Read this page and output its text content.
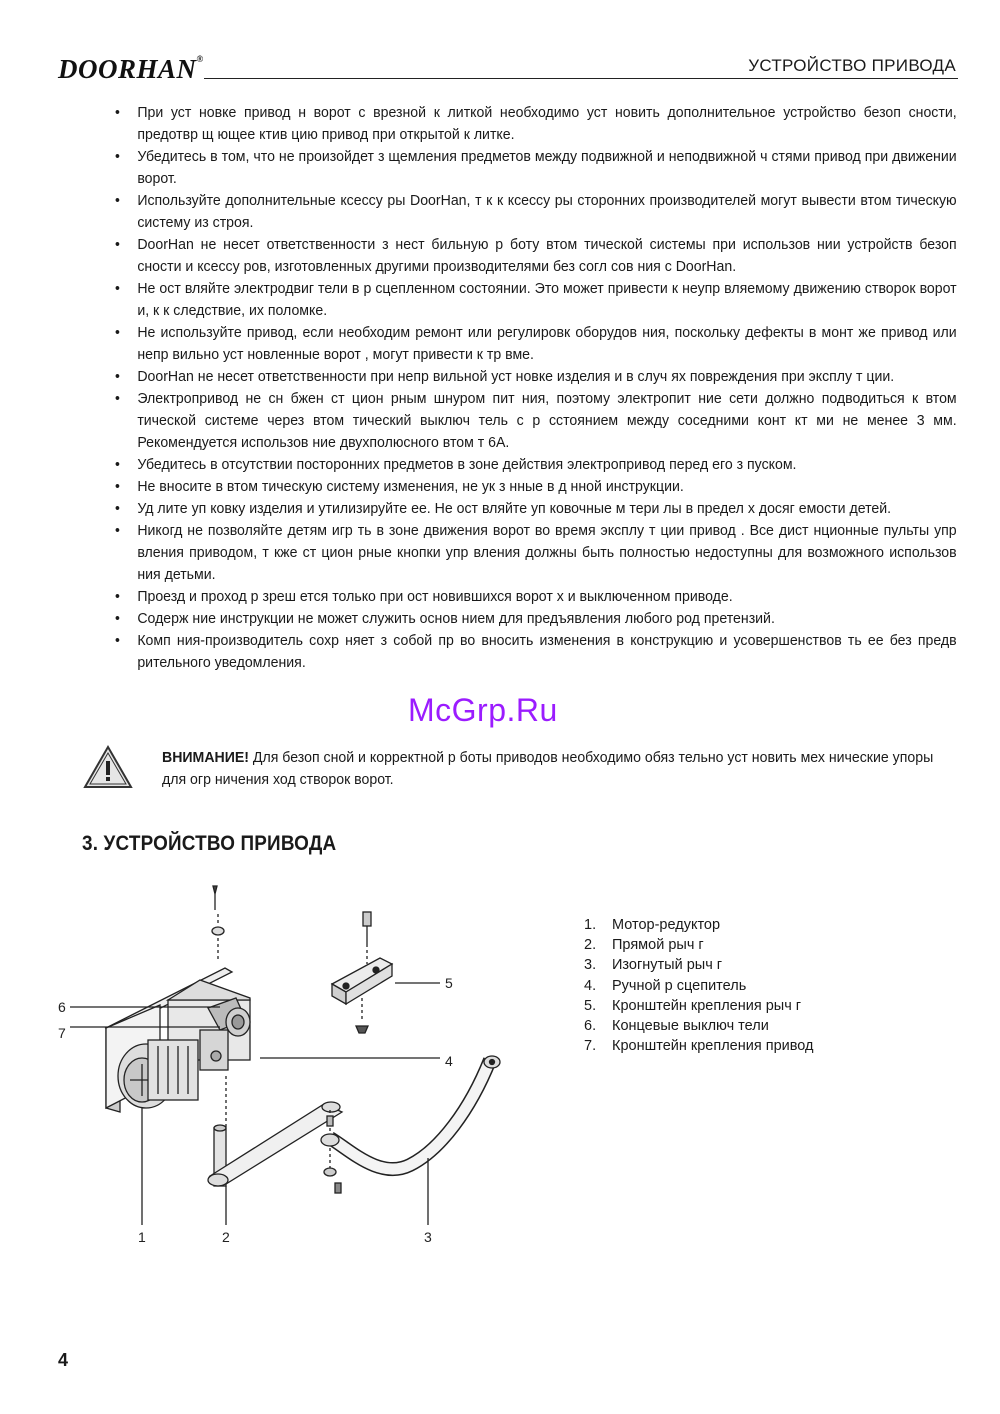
DOORHAN®	УСТРОЙСТВО ПРИВОДА
• При уст новке привод н ворот с врезной к литкой необходимо уст новить дополнительное устройство безоп сности, предотвр щ ющее ктив цию привод при открытой к литке.
• Убедитесь в том, что не произойдет з щемления предметов между подвижной и неподвижной ч стями привод при движении ворот.
• Используйте дополнительные ксессу ры DoorHan, т к к ксессу ры сторонних производителей могут вывести втом тическую систему из строя.
• DoorHan не несет ответственности з нест бильную р боту втом тической системы при использов нии устройств безоп сности и ксессу ров, изготовленных другими производителями без согл сов ния с DoorHan.
• Не ост вляйте электродвиг тели в р сцепленном состоянии. Это может привести к неупр вляемому движению створок ворот и, к к следствие, их поломке.
• Не используйте привод, если необходим ремонт или регулировк оборудов ния, поскольку дефекты в монт же привод или непр вильно уст новленные ворот , могут привести к тр вме.
• DoorHan не несет ответственности при непр вильной уст новке изделия и в случ ях повреждения при эксплу т ции.
• Электропривод не сн бжен ст цион рным шнуром пит ния, поэтому электропит ние сети должно подводиться к втом тической системе через втом тический выключ тель с р сстоянием между соседними конт кт ми не менее 3 мм. Рекомендуется использов ние двухполюсного втом т 6А.
• Убедитесь в отсутствии посторонних предметов в зоне действия электропривод перед его з пуском.
• Не вносите в втом тическую систему изменения, не ук з нные в д нной инструкции.
• Уд лите уп ковку изделия и утилизируйте ее. Не ост вляйте уп ковочные м тери лы в предел х досяг емости детей.
• Никогд не позволяйте детям игр ть в зоне движения ворот во время эксплу т ции привод . Все дист нционные пульты упр вления приводом, т кже ст цион рные кнопки упр вления должны быть полностью недоступны для возможного использов ния детьми.
• Проезд и проход р зреш ется только при ост новившихся ворот х и выключенном приводе.
• Содерж ние инструкции не может служить основ нием для предъявления любого род претензий.
• Комп ния-производитель сохр няет з собой пр во вносить изменения в конструкцию и усовершенствов ть ее без предв рительного уведомления.
McGrp.Ru
ВНИМАНИЕ! Для безоп сной и корректной р боты приводов необходимо обяз тельно уст новить мех нические упоры для огр ничения ход створок ворот.
3. УСТРОЙСТВО ПРИВОДА
6
7
5
4
1	2	3
1. Мотор-редуктор
2. Прямой рыч г
3. Изогнутый рыч г
4. Ручной р сцепитель
5. Кронштейн крепления рыч г
6. Концевые выключ тели
7. Кронштейн крепления привод
4
